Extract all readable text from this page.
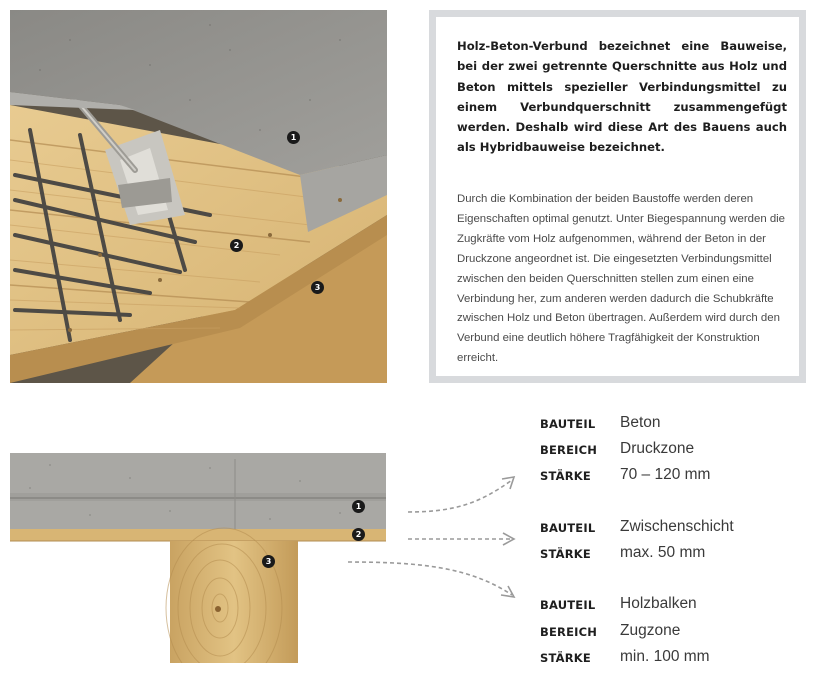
1
2
3

Holz-Beton-Verbund bezeichnet eine Bauweise, bei der zwei getrennte Querschnitte aus Holz und Beton mittels spezieller Verbindungsmittel zu einem Verbundquerschnitt zusammengefügt werden. Deshalb wird diese Art des Bauens auch als Hybridbauweise bezeichnet.

Durch die Kombination der beiden Baustoffe werden deren Eigenschaften optimal genutzt. Unter Biegespannung werden die Zugkräfte vom Holz aufgenommen, während der Beton in der Druckzone angeordnet ist. Die eingesetzten Verbindungsmittel zwischen den beiden Querschnitten stellen zum einen eine Verbindung her, zum anderen werden dadurch die Schubkräfte zwischen Holz und Beton übertragen. Außerdem wird durch den Verbund eine deutlich höhere Tragfähigkeit der Konstruktion erreicht.

1
2
3
BAUTEIL Beton
BEREICH Druckzone
STÄRKE 70 – 120 mm
BAUTEIL Zwischenschicht
STÄRKE max. 50 mm
BAUTEIL Holzbalken
BEREICH Zugzone
STÄRKE min. 100 mm
